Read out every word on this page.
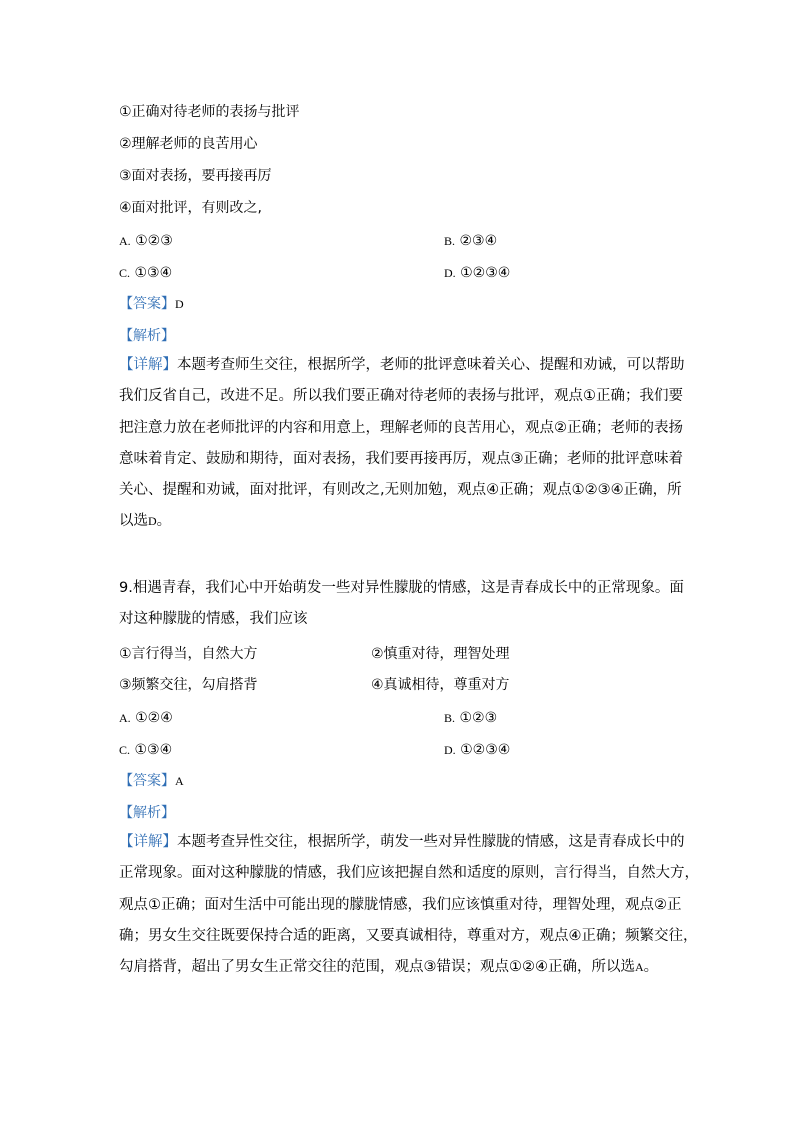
①正确对待老师的表扬与批评
②理解老师的良苦用心
③面对表扬，要再接再厉
④面对批评，有则改之,
A. ①②③	B. ②③④
C. ①③④	D. ①②③④
【答案】D
【解析】
【详解】本题考查师生交往，根据所学，老师的批评意味着关心、提醒和劝诫，可以帮助
我们反省自己，改进不足。所以我们要正确对待老师的表扬与批评，观点①正确；我们要
把注意力放在老师批评的内容和用意上，理解老师的良苦用心，观点②正确；老师的表扬
意味着肯定、鼓励和期待，面对表扬，我们要再接再厉，观点③正确；老师的批评意味着
关心、提醒和劝诫，面对批评，有则改之,无则加勉，观点④正确；观点①②③④正确，所
以选D。
9.相遇青春，我们心中开始萌发一些对异性朦胧的情感，这是青春成长中的正常现象。面
对这种朦胧的情感，我们应该
①言行得当，自然大方	②慎重对待，理智处理
③频繁交往，勾肩搭背	④真诚相待，尊重对方
A. ①②④	B. ①②③
C. ①③④	D. ①②③④
【答案】A
【解析】
【详解】本题考查异性交往，根据所学，萌发一些对异性朦胧的情感，这是青春成长中的
正常现象。面对这种朦胧的情感，我们应该把握自然和适度的原则，言行得当，自然大方，
观点①正确；面对生活中可能出现的朦胧情感，我们应该慎重对待，理智处理，观点②正
确；男女生交往既要保持合适的距离，又要真诚相待，尊重对方，观点④正确；频繁交往，
勾肩搭背，超出了男女生正常交往的范围，观点③错误；观点①②④正确，所以选A。
